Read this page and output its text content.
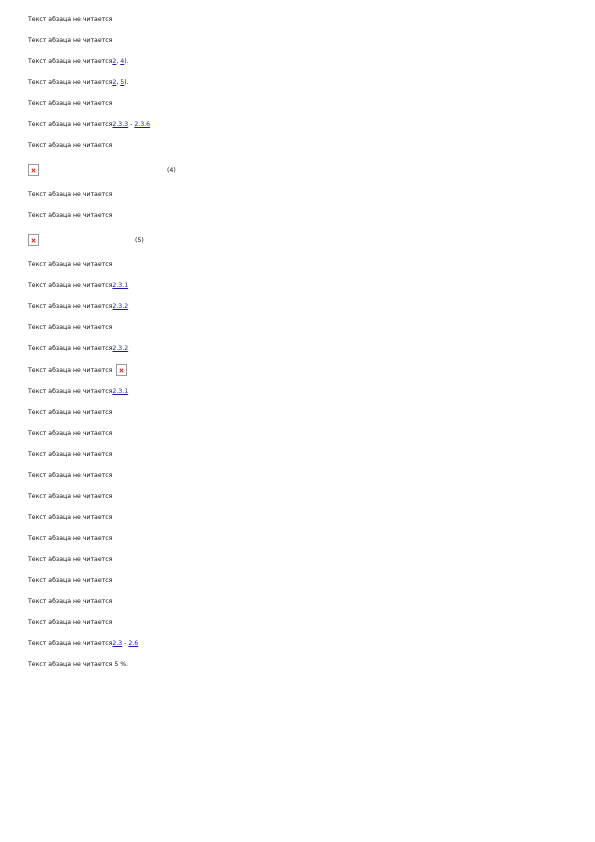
Текст абзаца не читается

Текст абзаца не читается

Текст абзаца не читается2, 4).

Текст абзаца не читается2, 5).

Текст абзаца не читается

Текст абзаца не читается2.3.3 - 2.3.6

Текст абзаца не читается

(4)

Текст абзаца не читается

Текст абзаца не читается

(5)

Текст абзаца не читается

Текст абзаца не читается2.3.1

Текст абзаца не читается2.3.2

Текст абзаца не читается

Текст абзаца не читается2.3.2

Текст абзаца не читается

Текст абзаца не читается2.3.1

Текст абзаца не читается

Текст абзаца не читается

Текст абзаца не читается

Текст абзаца не читается

Текст абзаца не читается

Текст абзаца не читается

Текст абзаца не читается

Текст абзаца не читается

Текст абзаца не читается

Текст абзаца не читается

Текст абзаца не читается

Текст абзаца не читается2.3 - 2.6

Текст абзаца не читается 5 %.
